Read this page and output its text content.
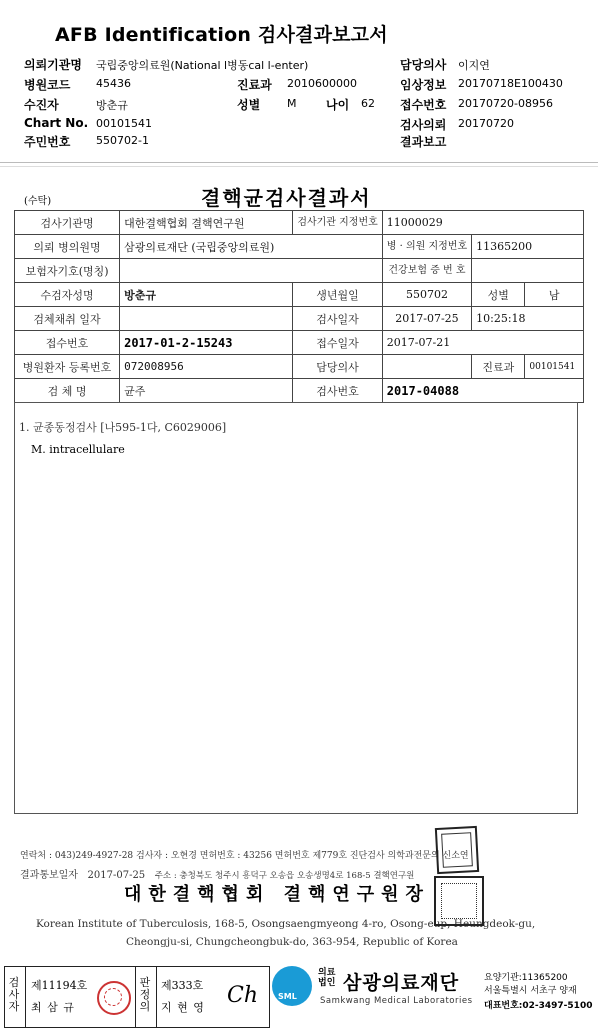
AFB Identification 검사결과보고서
의뢰기관명 국립중앙의료원(National l병동cal l-enter)
병원코드 45436
수진자	방춘규
Chart No. 00101541
주민번호 550702-1
진료과 2010600000
성별 M 나이 62
담당의사 이지연
임상정보 20170718E100430
접수번호 20170720-08956
검사의뢰 20170720
결과보고
(수탁)	결핵균검사결과서
검사기관명	대한결핵협회 결핵연구원	검사기관 지정번호	11000029		
의뢰 병의원명	삼광의료재단 (국립중앙의료원)		병 · 의원 지정번호	11365200	
보험자기호(명칭)			건강보험 증 번 호		
수검자성명	방춘규	생년월일	550702	성별	남
검체채취 일자		검사일자	2017-07-25	10:25:18	
접수번호	2017-01-2-15243	접수일자	2017-07-21		
병원환자 등록번호	072008956	담당의사		진료과	00101541
검 체 명	균주	검사번호	2017-04088		
1. 균종동정검사 [나595-1다, C6029006]
M. intracellulare
연락처 : 043)249-4927-28 검사자 : 오현경 면허번호 : 43256 면허번호 제779호 진단검사 의학과전문의 신소연
결과통보일자 2017-07-25 주소 : 충청북도 청주시 흥덕구 오송읍 오송생명4로 168-5 결핵연구원
대한결핵협회 결핵연구원장
Korean Institute of Tuberculosis, 168-5, Osongsaengmyeong 4-ro, Osong-eup, Heungdeok-gu,
Cheongju-si, Chungcheongbuk-do, 363-954, Republic of Korea
검사자
제11194호
최 삼 규
판정의
제333호
지 현 영 Ch SML
의료
법인 삼광의료재단
Samkwang Medical Laboratories
요양기관:11365200
서울특별시 서초구 양재
대표번호:02-3497-5100
